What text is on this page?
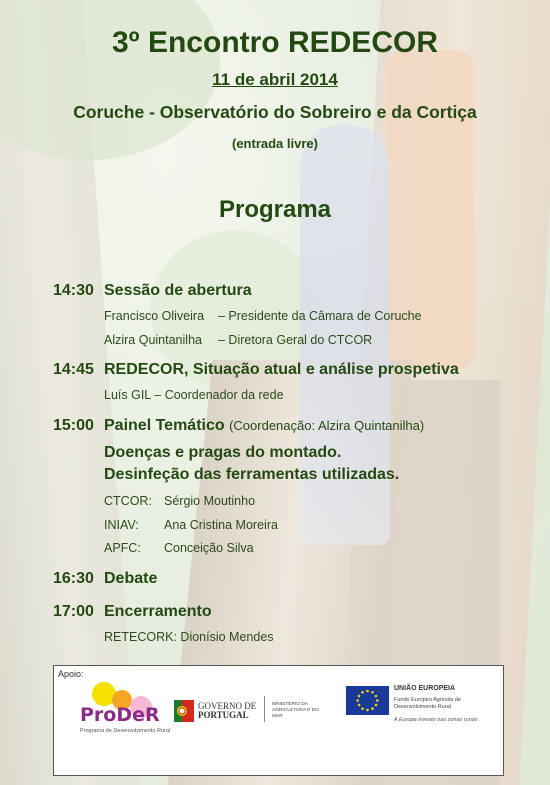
3º Encontro REDECOR
11 de abril 2014
Coruche - Observatório do Sobreiro e da Cortiça
(entrada livre)
Programa
14:30 Sessão de abertura
Francisco Oliveira – Presidente da Câmara de Coruche
Alzira Quintanilha – Diretora Geral do CTCOR
14:45 REDECOR, Situação atual e análise prospetiva
Luís GIL – Coordenador da rede
15:00 Painel Temático (Coordenação: Alzira Quintanilha)
Doenças e pragas do montado.
Desinfeção das ferramentas utilizadas.
CTCOR: Sérgio Moutinho
INIAV: Ana Cristina Moreira
APFC: Conceição Silva
16:30 Debate
17:00 Encerramento
RETECORK: Dionísio Mendes
Apoio:
ProDeR
Programa de Desenvolvimento Rural
GOVERNO DE
PORTUGAL
MINISTÉRIO DA AGRICULTURA E DO MAR
UNIÃO EUROPEIA
Fundo Europeu Agrícola de Desenvolvimento Rural
A Europa investe nas zonas rurais
